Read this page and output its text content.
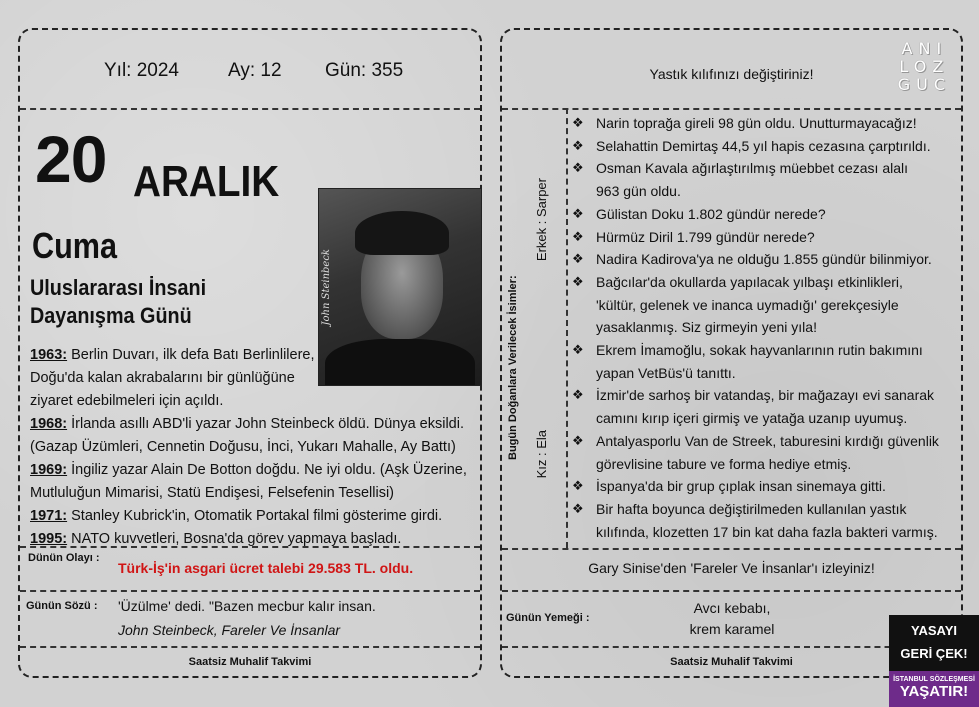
Yıl: 2024	Ay: 12 Gün: 355
20 ARALIK
Cuma
Uluslararası İnsani
Dayanışma Günü	John Steinbeck
1963: Berlin Duvarı, ilk defa Batı Berlinlilere,
Doğu'da kalan akrabalarını bir günlüğüne
ziyaret edebilmeleri için açıldı.
1968: İrlanda asıllı ABD'li yazar John Steinbeck öldü. Dünya eksildi.
(Gazap Üzümleri, Cennetin Doğusu, İnci, Yukarı Mahalle, Ay Battı)
1969: İngiliz yazar Alain De Botton doğdu. Ne iyi oldu. (Aşk Üzerine,
Mutluluğun Mimarisi, Statü Endişesi, Felsefenin Tesellisi)
1971: Stanley Kubrick'in, Otomatik Portakal filmi gösterime girdi.
1995: NATO kuvvetleri, Bosna'da görev yapmaya başladı.
Dünün Olayı :
Türk-İş'in asgari ücret talebi 29.583 TL. oldu.
Günün Sözü : 'Üzülme' dedi. "Bazen mecbur kalır insan.
John Steinbeck, Fareler Ve İnsanlar
Saatsiz Muhalif Takvimi
Yastık kılıfınızı değiştiriniz!
ANI
LOZ
GUC
Bugün Doğanlara Verilecek İsimler:
Erkek : Sarper
Kız : Ela
❖ Narin toprağa gireli 98 gün oldu. Unutturmayacağız!
❖ Selahattin Demirtaş 44,5 yıl hapis cezasına çarptırıldı.
❖ Osman Kavala ağırlaştırılmış müebbet cezası alalı
963 gün oldu.
❖ Gülistan Doku 1.802 gündür nerede?
❖ Hürmüz Diril 1.799 gündür nerede?
❖ Nadira Kadirova'ya ne olduğu 1.855 gündür bilinmiyor.
❖ Bağcılar'da okullarda yapılacak yılbaşı etkinlikleri,
'kültür, gelenek ve inanca uymadığı' gerekçesiyle
yasaklanmış. Siz girmeyin yeni yıla!
❖ Ekrem İmamoğlu, sokak hayvanlarının rutin bakımını
yapan VetBüs'ü tanıttı.
❖ İzmir'de sarhoş bir vatandaş, bir mağazayı evi sanarak
camını kırıp içeri girmiş ve yatağa uzanıp uyumuş.
❖ Antalyasporlu Van de Streek, taburesini kırdığı güvenlik
görevlisine tabure ve forma hediye etmiş.
❖ İspanya'da bir grup çıplak insan sinemaya gitti.
❖ Bir hafta boyunca değiştirilmeden kullanılan yastık
kılıfında, klozetten 17 bin kat daha fazla bakteri varmış.
Gary Sinise'den 'Fareler Ve İnsanlar'ı izleyiniz!
Günün Yemeği :
Avcı kebabı,
krem karamel
Saatsiz Muhalif Takvimi
YASAYI
GERİ ÇEK!
İSTANBUL SÖZLEŞMESİ
YAŞATIR!
